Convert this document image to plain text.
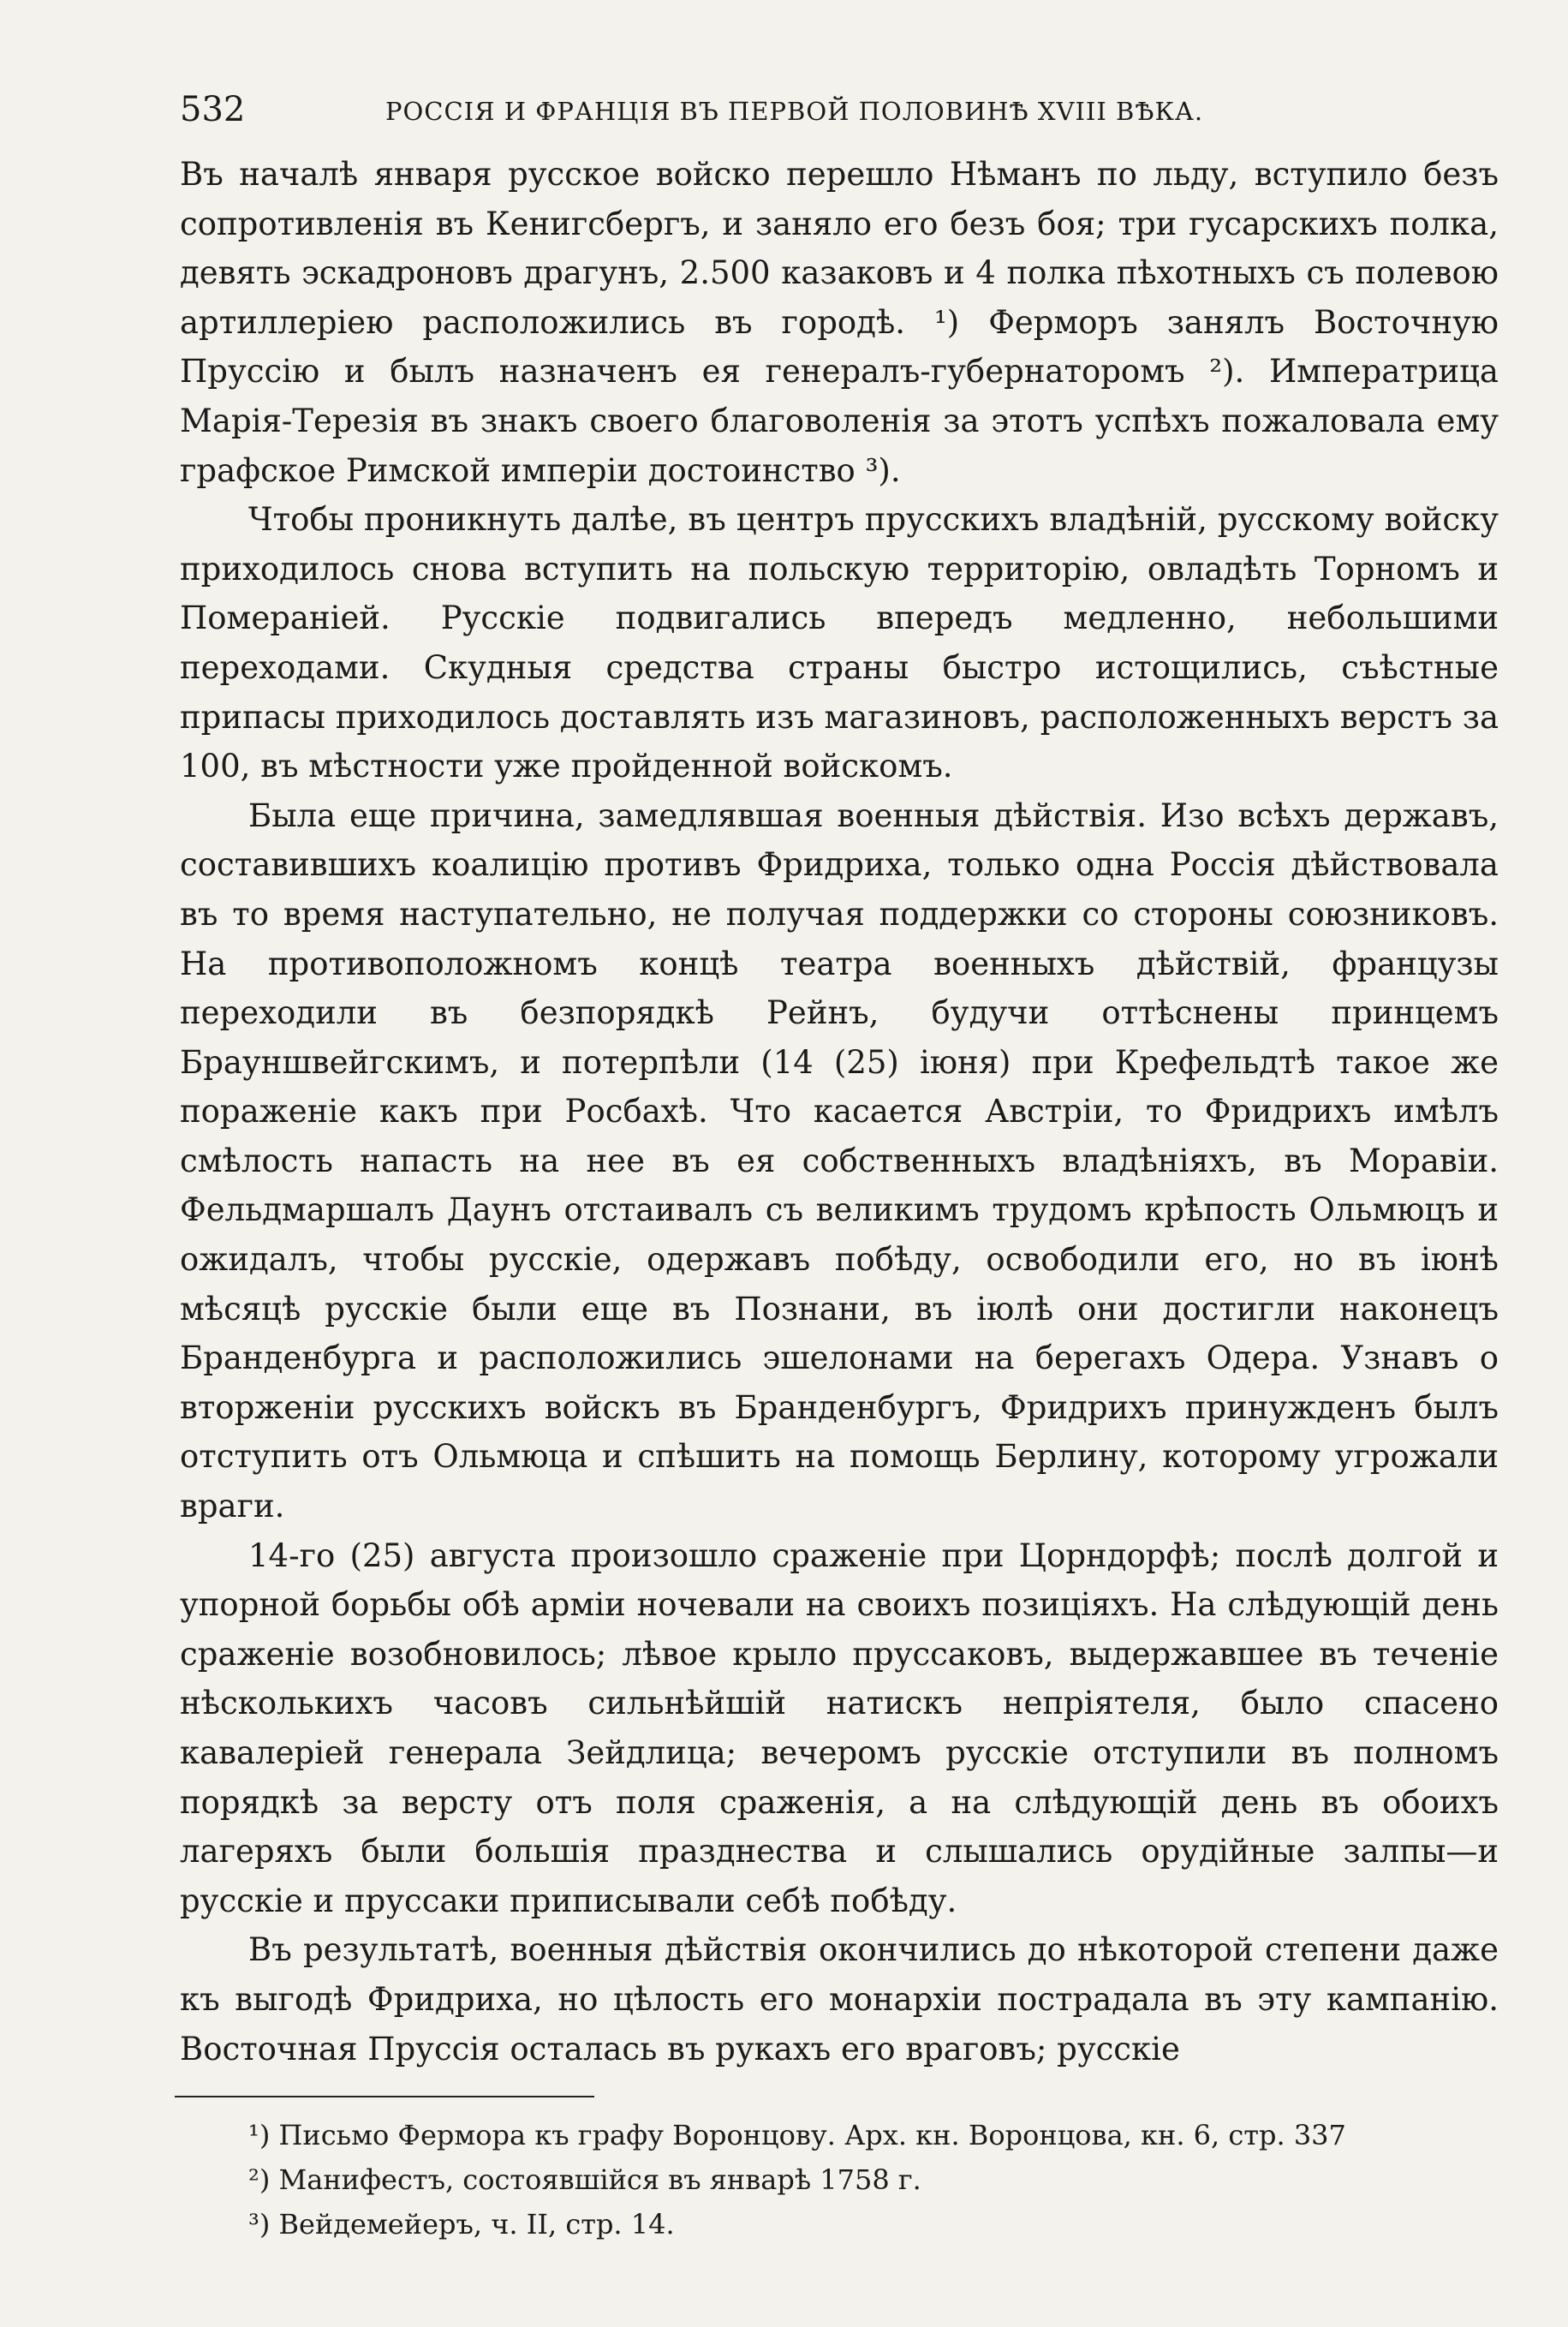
532	РОССІЯ И ФРАНЦІЯ ВЪ ПЕРВОЙ ПОЛОВИНѢ XVIII ВѢКА.

Въ началѣ января русское войско перешло Нѣманъ по льду, вступило безъ сопротивленія въ Кенигсбергъ, и заняло его безъ боя; три гусарскихъ полка, девять эскадроновъ драгунъ, 2.500 казаковъ и 4 полка пѣхотныхъ съ полевою артиллеріею расположились въ городѣ. ¹) Ферморъ занялъ Восточную Пруссію и былъ назначенъ ея генералъ-губернаторомъ ²). Императрица Марія-Терезія въ знакъ своего благоволенія за этотъ успѣхъ пожаловала ему графское Римской имперіи достоинство ³).

Чтобы проникнуть далѣе, въ центръ прусскихъ владѣній, русскому войску приходилось снова вступить на польскую территорію, овладѣть Торномъ и Померaніей. Русскіе подвигались впередъ медленно, небольшими переходами. Скудныя средства страны быстро истощились, съѣстные припасы приходилось доставлять изъ магазиновъ, расположенныхъ верстъ за 100, въ мѣстности уже пройденной войскомъ.

Была еще причина, замедлявшая военныя дѣйствія. Изо всѣхъ державъ, составившихъ коалицію противъ Фридриха, только одна Россія дѣйствовала въ то время наступательно, не получая поддержки со стороны союзниковъ. На противоположномъ концѣ театра военныхъ дѣйствій, французы переходили въ безпорядкѣ Рейнъ, будучи оттѣснены принцемъ Брауншвейгскимъ, и потерпѣли (14 (25) іюня) при Крефельдтѣ такое же пораженіе какъ при Росбахѣ. Что касается Австріи, то Фридрихъ имѣлъ смѣлость напасть на нее въ ея собственныхъ владѣніяхъ, въ Моравіи. Фельдмаршалъ Даунъ отстаивалъ съ великимъ трудомъ крѣпость Ольмюцъ и ожидалъ, чтобы русскіе, одержавъ побѣду, освободили его, но въ іюнѣ мѣсяцѣ русскіе были еще въ Познани, въ іюлѣ они достигли наконецъ Бранденбурга и расположились эшелонами на берегахъ Одера. Узнавъ о вторженіи русскихъ войскъ въ Бранденбургъ, Фридрихъ принужденъ былъ отступить отъ Ольмюца и спѣшить на помощь Берлину, которому угрожали враги.

14-го (25) августа произошло сраженіе при Цорндорфѣ; послѣ долгой и упорной борьбы обѣ арміи ночевали на своихъ позиціяхъ. На слѣдующій день сраженіе возобновилось; лѣвое крыло пруссаковъ, выдержавшее въ теченіе нѣсколькихъ часовъ сильнѣйшій натискъ непріятеля, было спасено кавалеріей генерала Зейдлица; вечеромъ русскіе отступили въ полномъ порядкѣ за версту отъ поля сраженія, а на слѣдующій день въ обоихъ лагеряхъ были большія празднества и слышались орудійные залпы—и русскіе и пруссаки приписывали себѣ побѣду.

Въ результатѣ, военныя дѣйствія окончились до нѣкоторой степени даже къ выгодѣ Фридриха, но цѣлость его монархіи пострадала въ эту кампанію. Восточная Пруссія осталась въ рукахъ его враговъ; русскіе

¹) Письмо Фермора къ графу Воронцову. Арх. кн. Воронцова, кн. 6, стр. 337
²) Манифестъ, состоявшійся въ январѣ 1758 г.
³) Вейдемейеръ, ч. II, стр. 14.
